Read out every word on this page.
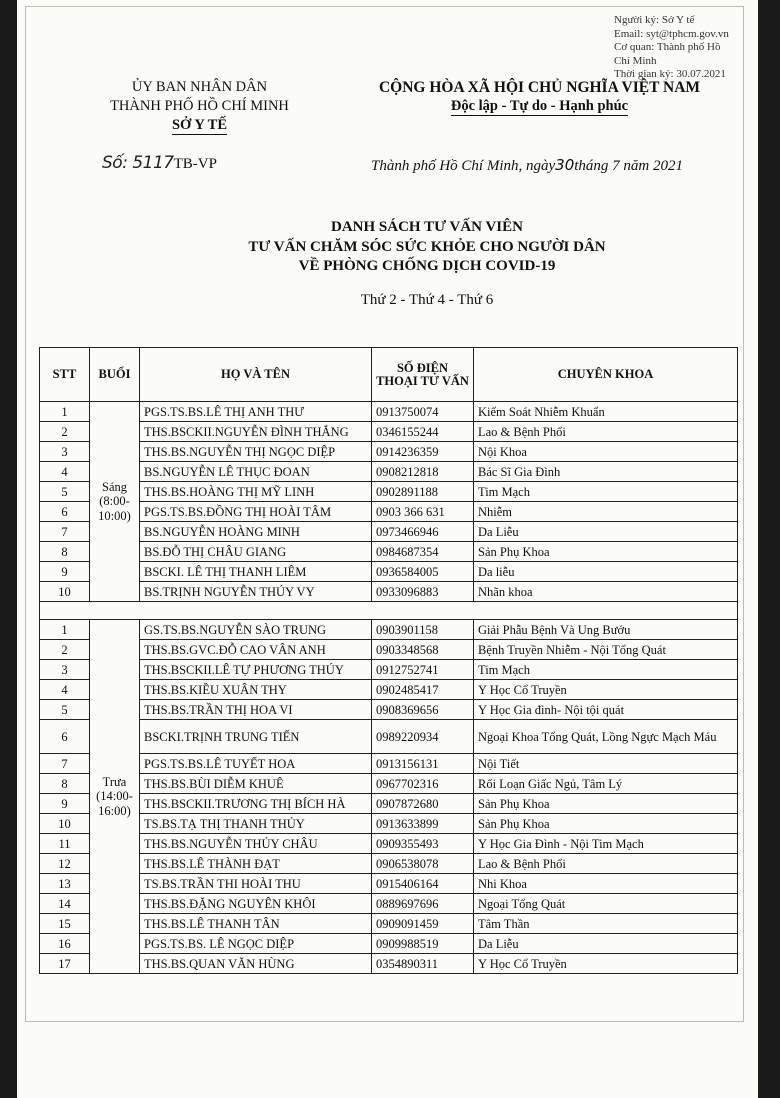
Người ký: Sở Y tế
Email: syt@tphcm.gov.vn
Cơ quan: Thành phố Hồ
Chí Minh
Thời gian ký: 30.07.2021
ỦY BAN NHÂN DÂN
THÀNH PHỐ HỒ CHÍ MINH
SỞ Y TẾ
CỘNG HÒA XÃ HỘI CHỦ NGHĨA VIỆT NAM
Độc lập - Tự do - Hạnh phúc
Số: 5117TB-VP	Thành phố Hồ Chí Minh, ngày30tháng 7 năm 2021
DANH SÁCH TƯ VẤN VIÊN
TƯ VẤN CHĂM SÓC SỨC KHỎE CHO NGƯỜI DÂN
VỀ PHÒNG CHỐNG DỊCH COVID-19
Thứ 2 - Thứ 4 - Thứ 6
STT	BUỔI	HỌ VÀ TÊN	SỐ ĐIỆN THOẠI TƯ VẤN	CHUYÊN KHOA
1	Sáng (8:00-10:00)	PGS.TS.BS.LÊ THỊ ANH THƯ	0913750074	Kiểm Soát Nhiễm Khuẩn
2		THS.BSCKII.NGUYỄN ĐÌNH THẮNG	0346155244	Lao & Bệnh Phổi
3		THS.BS.NGUYỄN THỊ NGỌC DIỆP	0914236359	Nội Khoa
4		BS.NGUYỄN LÊ THỤC ĐOAN	0908212818	Bác Sĩ Gia Đình
5		THS.BS.HOÀNG THỊ MỸ LINH	0902891188	Tim Mạch
6		PGS.TS.BS.ĐỒNG THỊ HOÀI TÂM	0903 366 631	Nhiễm
7		BS.NGUYỄN HOÀNG MINH	0973466946	Da Liễu
8		BS.ĐỖ THỊ CHÂU GIANG	0984687354	Sản Phụ Khoa
9		BSCKI. LÊ THỊ THANH LIÊM	0936584005	Da liễu
10		BS.TRỊNH NGUYỄN THÚY VY	0933096883	Nhãn khoa

1	Trưa (14:00-16:00)	GS.TS.BS.NGUYỄN SÀO TRUNG	0903901158	Giải Phẫu Bệnh Và Ung Bướu
2		THS.BS.GVC.ĐỖ CAO VÂN ANH	0903348568	Bệnh Truyền Nhiễm - Nội Tổng Quát
3		THS.BSCKII.LÊ TỰ PHƯƠNG THÚY	0912752741	Tim Mạch
4		THS.BS.KIỀU XUÂN THY	0902485417	Y Học Cổ Truyền
5		THS.BS.TRẦN THỊ HOA VI	0908369656	Y Học Gia đình- Nội tội quát
6		BSCKI.TRỊNH TRUNG TIẾN	0989220934	Ngoại Khoa Tổng Quát, Lồng Ngực Mạch Máu
7		PGS.TS.BS.LÊ TUYẾT HOA	0913156131	Nội Tiết
8		THS.BS.BÙI DIỄM KHUÊ	0967702316	Rối Loạn Giấc Ngủ, Tâm Lý
9		THS.BSCKII.TRƯƠNG THỊ BÍCH HÀ	0907872680	Sản Phụ Khoa
10		TS.BS.TẠ THỊ THANH THỦY	0913633899	Sản Phụ Khoa
11		THS.BS.NGUYỄN THỦY CHÂU	0909355493	Y Học Gia Đình - Nội Tim Mạch
12		THS.BS.LÊ THÀNH ĐẠT	0906538078	Lao & Bệnh Phổi
13		TS.BS.TRẦN THI HOÀI THU	0915406164	Nhi Khoa
14		THS.BS.ĐẶNG NGUYÊN KHÔI	0889697696	Ngoại Tổng Quát
15		THS.BS.LÊ THANH TÂN	0909091459	Tâm Thần
16		PGS.TS.BS. LÊ NGỌC DIỆP	0909988519	Da Liễu
17		THS.BS.QUAN VĂN HÙNG	0354890311	Y Học Cổ Truyền
